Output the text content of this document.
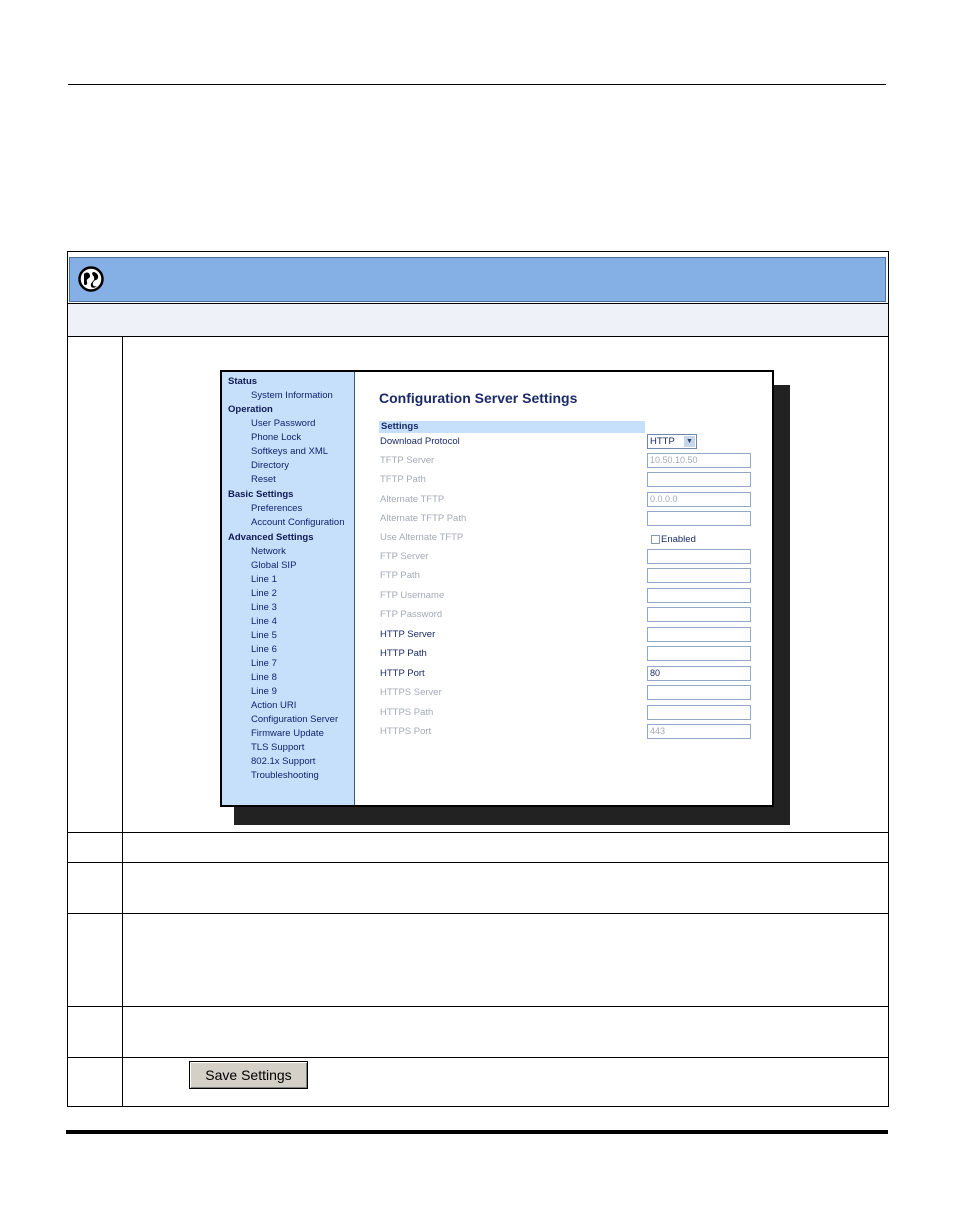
Status
System Information
Operation
User Password
Phone Lock
Softkeys and XML
Directory
Reset
Basic Settings
Preferences
Account Configuration
Advanced Settings
Network
Global SIP
Line 1
Line 2
Line 3
Line 4
Line 5
Line 6
Line 7
Line 8
Line 9
Action URI
Configuration Server
Firmware Update
TLS Support
802.1x Support
Troubleshooting
Configuration Server Settings
Settings
Download Protocol	HTTP ▼
TFTP Server	10.50.10.50
TFTP Path
Alternate TFTP	0.0.0.0
Alternate TFTP Path
Use Alternate TFTP	Enabled
FTP Server
FTP Path
FTP Username
FTP Password
HTTP Server
HTTP Path
HTTP Port	80
HTTPS Server
HTTPS Path
HTTPS Port	443
Save Settings
